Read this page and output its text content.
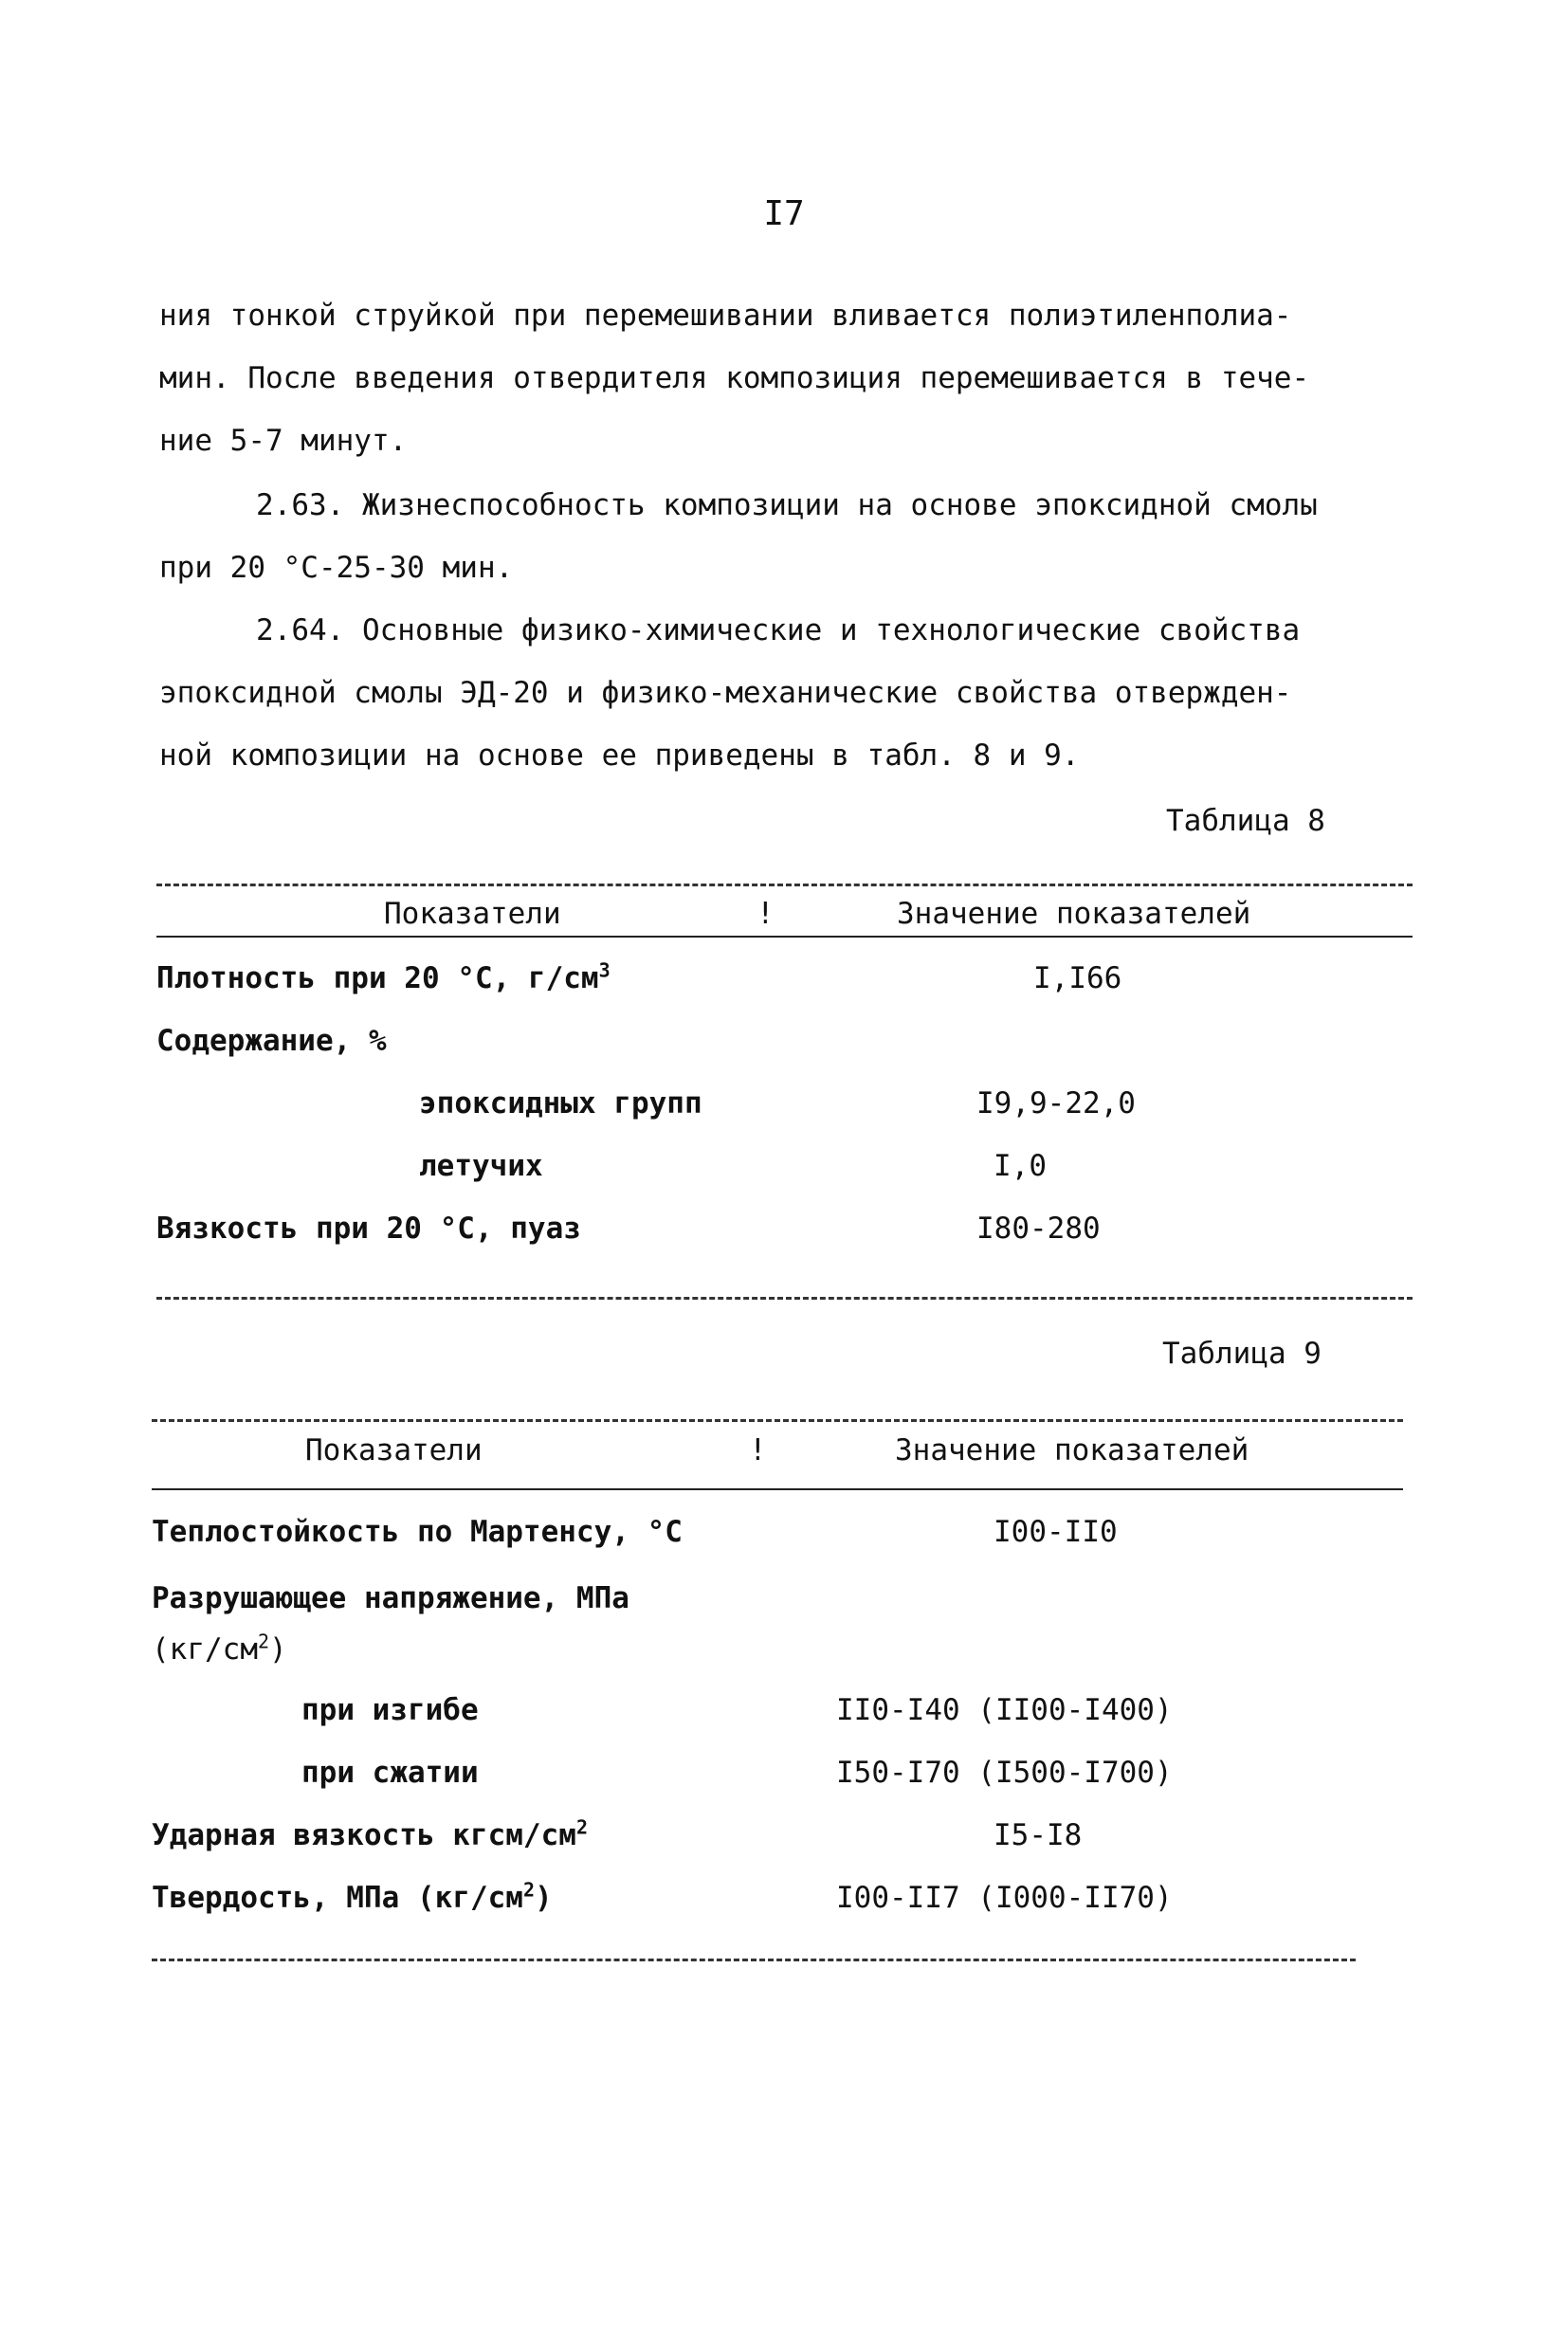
I7
ния тонкой струйкой при перемешивании вливается полиэтиленполиа-
мин. После введения отвердителя композиция перемешивается в тече-
ние 5-7 минут.
2.63. Жизнеспособность композиции на основе эпоксидной смолы
при 20 °С-25-30 мин.
2.64. Основные физико-химические и технологические свойства
эпоксидной смолы ЭД-20 и физико-механические свойства отвержден-
ной композиции на основе ее приведены в табл. 8 и 9.
Таблица 8
Показатели	!	Значение показателей
Плотность при 20 °С, $г/см^3$	I,I66
Содержание, %
эпоксидных групп	I9,9-22,0
летучих	I,0
Вязкость при 20 °С, пуаз	I80-280
Таблица 9
Показатели	!	Значение показателей
Теплостойкость по Мартенсу, °С	I00-II0
Разрушающее напряжение, МПа
$(кг/см^2)$
при изгибе	II0-I40 (II00-I400)
при сжатии	I50-I70 (I500-I700)
Ударная вязкость кгсм/$см^2$	I5-I8
Твердость, МПа $(кг/см^2)$	I00-II7 (I000-II70)
